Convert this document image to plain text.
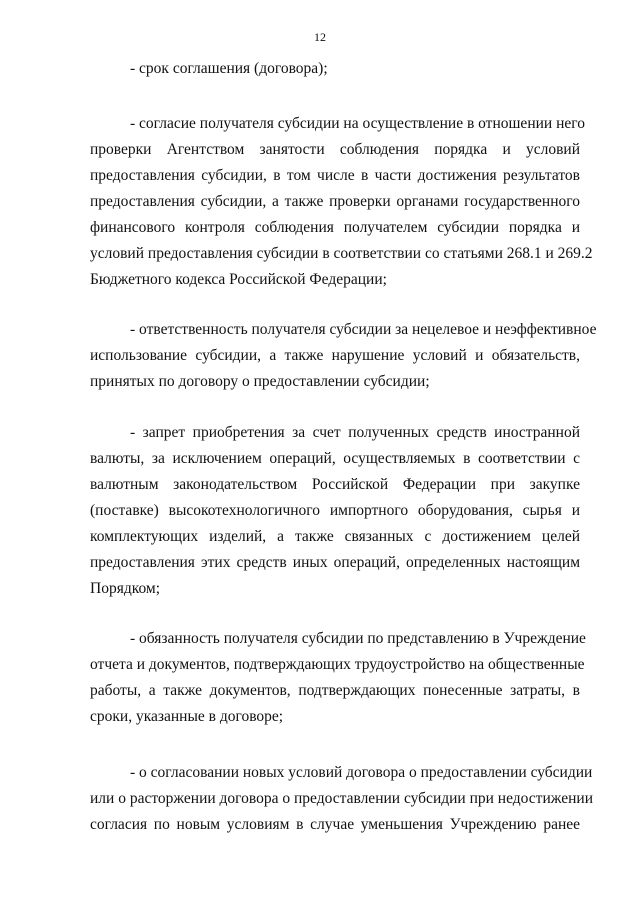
12
- срок соглашения (договора);
- согласие получателя субсидии на осуществление в отношении него
проверки Агентством занятости соблюдения порядка и условий
предоставления субсидии, в том числе в части достижения результатов
предоставления субсидии, а также проверки органами государственного
финансового контроля соблюдения получателем субсидии порядка и
условий предоставления субсидии в соответствии со статьями 268.1 и 269.2
Бюджетного кодекса Российской Федерации;
- ответственность получателя субсидии за нецелевое и неэффективное
использование субсидии, а также нарушение условий и обязательств,
принятых по договору о предоставлении субсидии;
- запрет приобретения за счет полученных средств иностранной
валюты, за исключением операций, осуществляемых в соответствии с
валютным законодательством Российской Федерации при закупке
(поставке) высокотехнологичного импортного оборудования, сырья и
комплектующих изделий, а также связанных с достижением целей
предоставления этих средств иных операций, определенных настоящим
Порядком;
- обязанность получателя субсидии по представлению в Учреждение
отчета и документов, подтверждающих трудоустройство на общественные
работы, а также документов, подтверждающих понесенные затраты, в
сроки, указанные в договоре;
- о согласовании новых условий договора о предоставлении субсидии
или о расторжении договора о предоставлении субсидии при недостижении
согласия по новым условиям в случае уменьшения Учреждению ранее
